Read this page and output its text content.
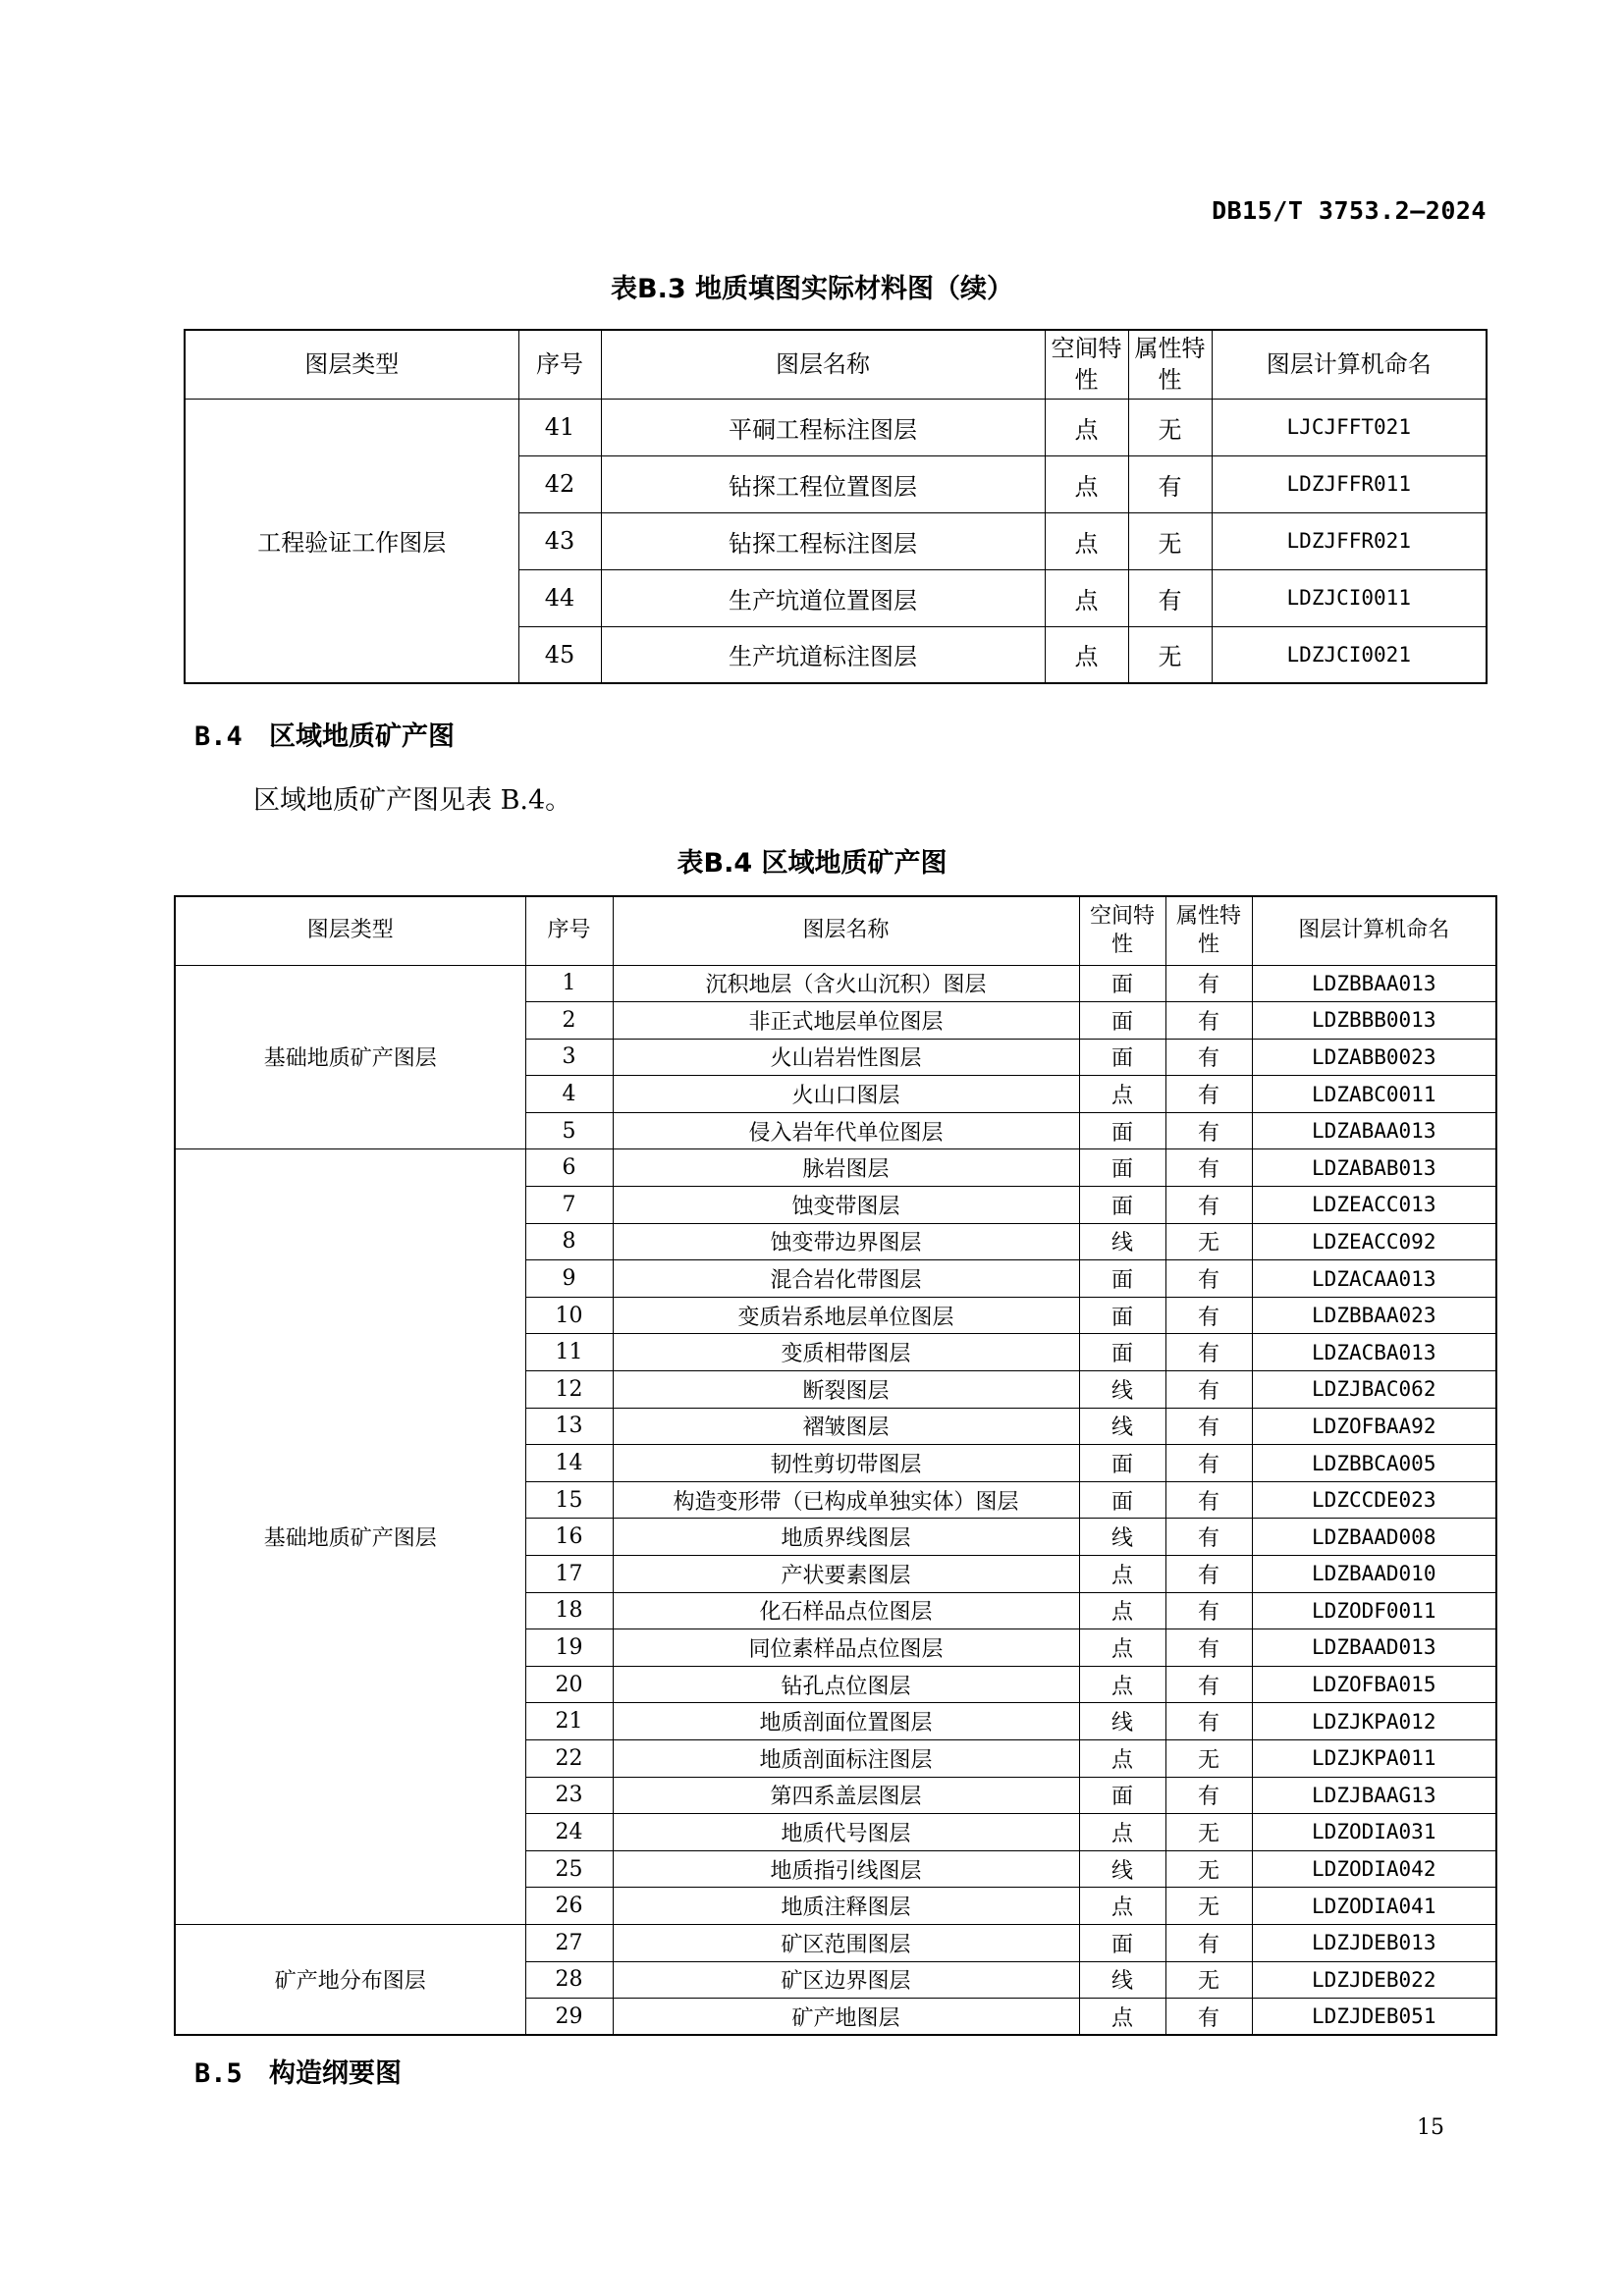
DB15/T 3753.2—2024
表B.3 地质填图实际材料图（续）
图层类型	序号	图层名称	空间特性	属性特性	图层计算机命名
工程验证工作图层	41	平硐工程标注图层	点	无	LJCJFFT021
	42	钻探工程位置图层	点	有	LDZJFFR011
	43	钻探工程标注图层	点	无	LDZJFFR021
	44	生产坑道位置图层	点	有	LDZJCI0011
	45	生产坑道标注图层	点	无	LDZJCI0021
B.4 区域地质矿产图
区域地质矿产图见表 B.4。
表B.4 区域地质矿产图
图层类型	序号	图层名称	空间特性	属性特性	图层计算机命名
基础地质矿产图层	1	沉积地层（含火山沉积）图层	面	有	LDZBBAA013
	2	非正式地层单位图层	面	有	LDZBBB0013
	3	火山岩岩性图层	面	有	LDZABB0023
	4	火山口图层	点	有	LDZABC0011
	5	侵入岩年代单位图层	面	有	LDZABAA013
基础地质矿产图层	6	脉岩图层	面	有	LDZABAB013
	7	蚀变带图层	面	有	LDZEACC013
	8	蚀变带边界图层	线	无	LDZEACC092
	9	混合岩化带图层	面	有	LDZACAA013
	10	变质岩系地层单位图层	面	有	LDZBBAA023
	11	变质相带图层	面	有	LDZACBA013
	12	断裂图层	线	有	LDZJBAC062
	13	褶皱图层	线	有	LDZOFBAA92
	14	韧性剪切带图层	面	有	LDZBBCA005
	15	构造变形带（已构成单独实体）图层	面	有	LDZCCDE023
	16	地质界线图层	线	有	LDZBAAD008
	17	产状要素图层	点	有	LDZBAAD010
	18	化石样品点位图层	点	有	LDZODF0011
	19	同位素样品点位图层	点	有	LDZBAAD013
	20	钻孔点位图层	点	有	LDZOFBA015
	21	地质剖面位置图层	线	有	LDZJKPA012
	22	地质剖面标注图层	点	无	LDZJKPA011
	23	第四系盖层图层	面	有	LDZJBAAG13
	24	地质代号图层	点	无	LDZODIA031
	25	地质指引线图层	线	无	LDZODIA042
	26	地质注释图层	点	无	LDZODIA041
矿产地分布图层	27	矿区范围图层	面	有	LDZJDEB013
	28	矿区边界图层	线	无	LDZJDEB022
	29	矿产地图层	点	有	LDZJDEB051
B.5 构造纲要图
15
